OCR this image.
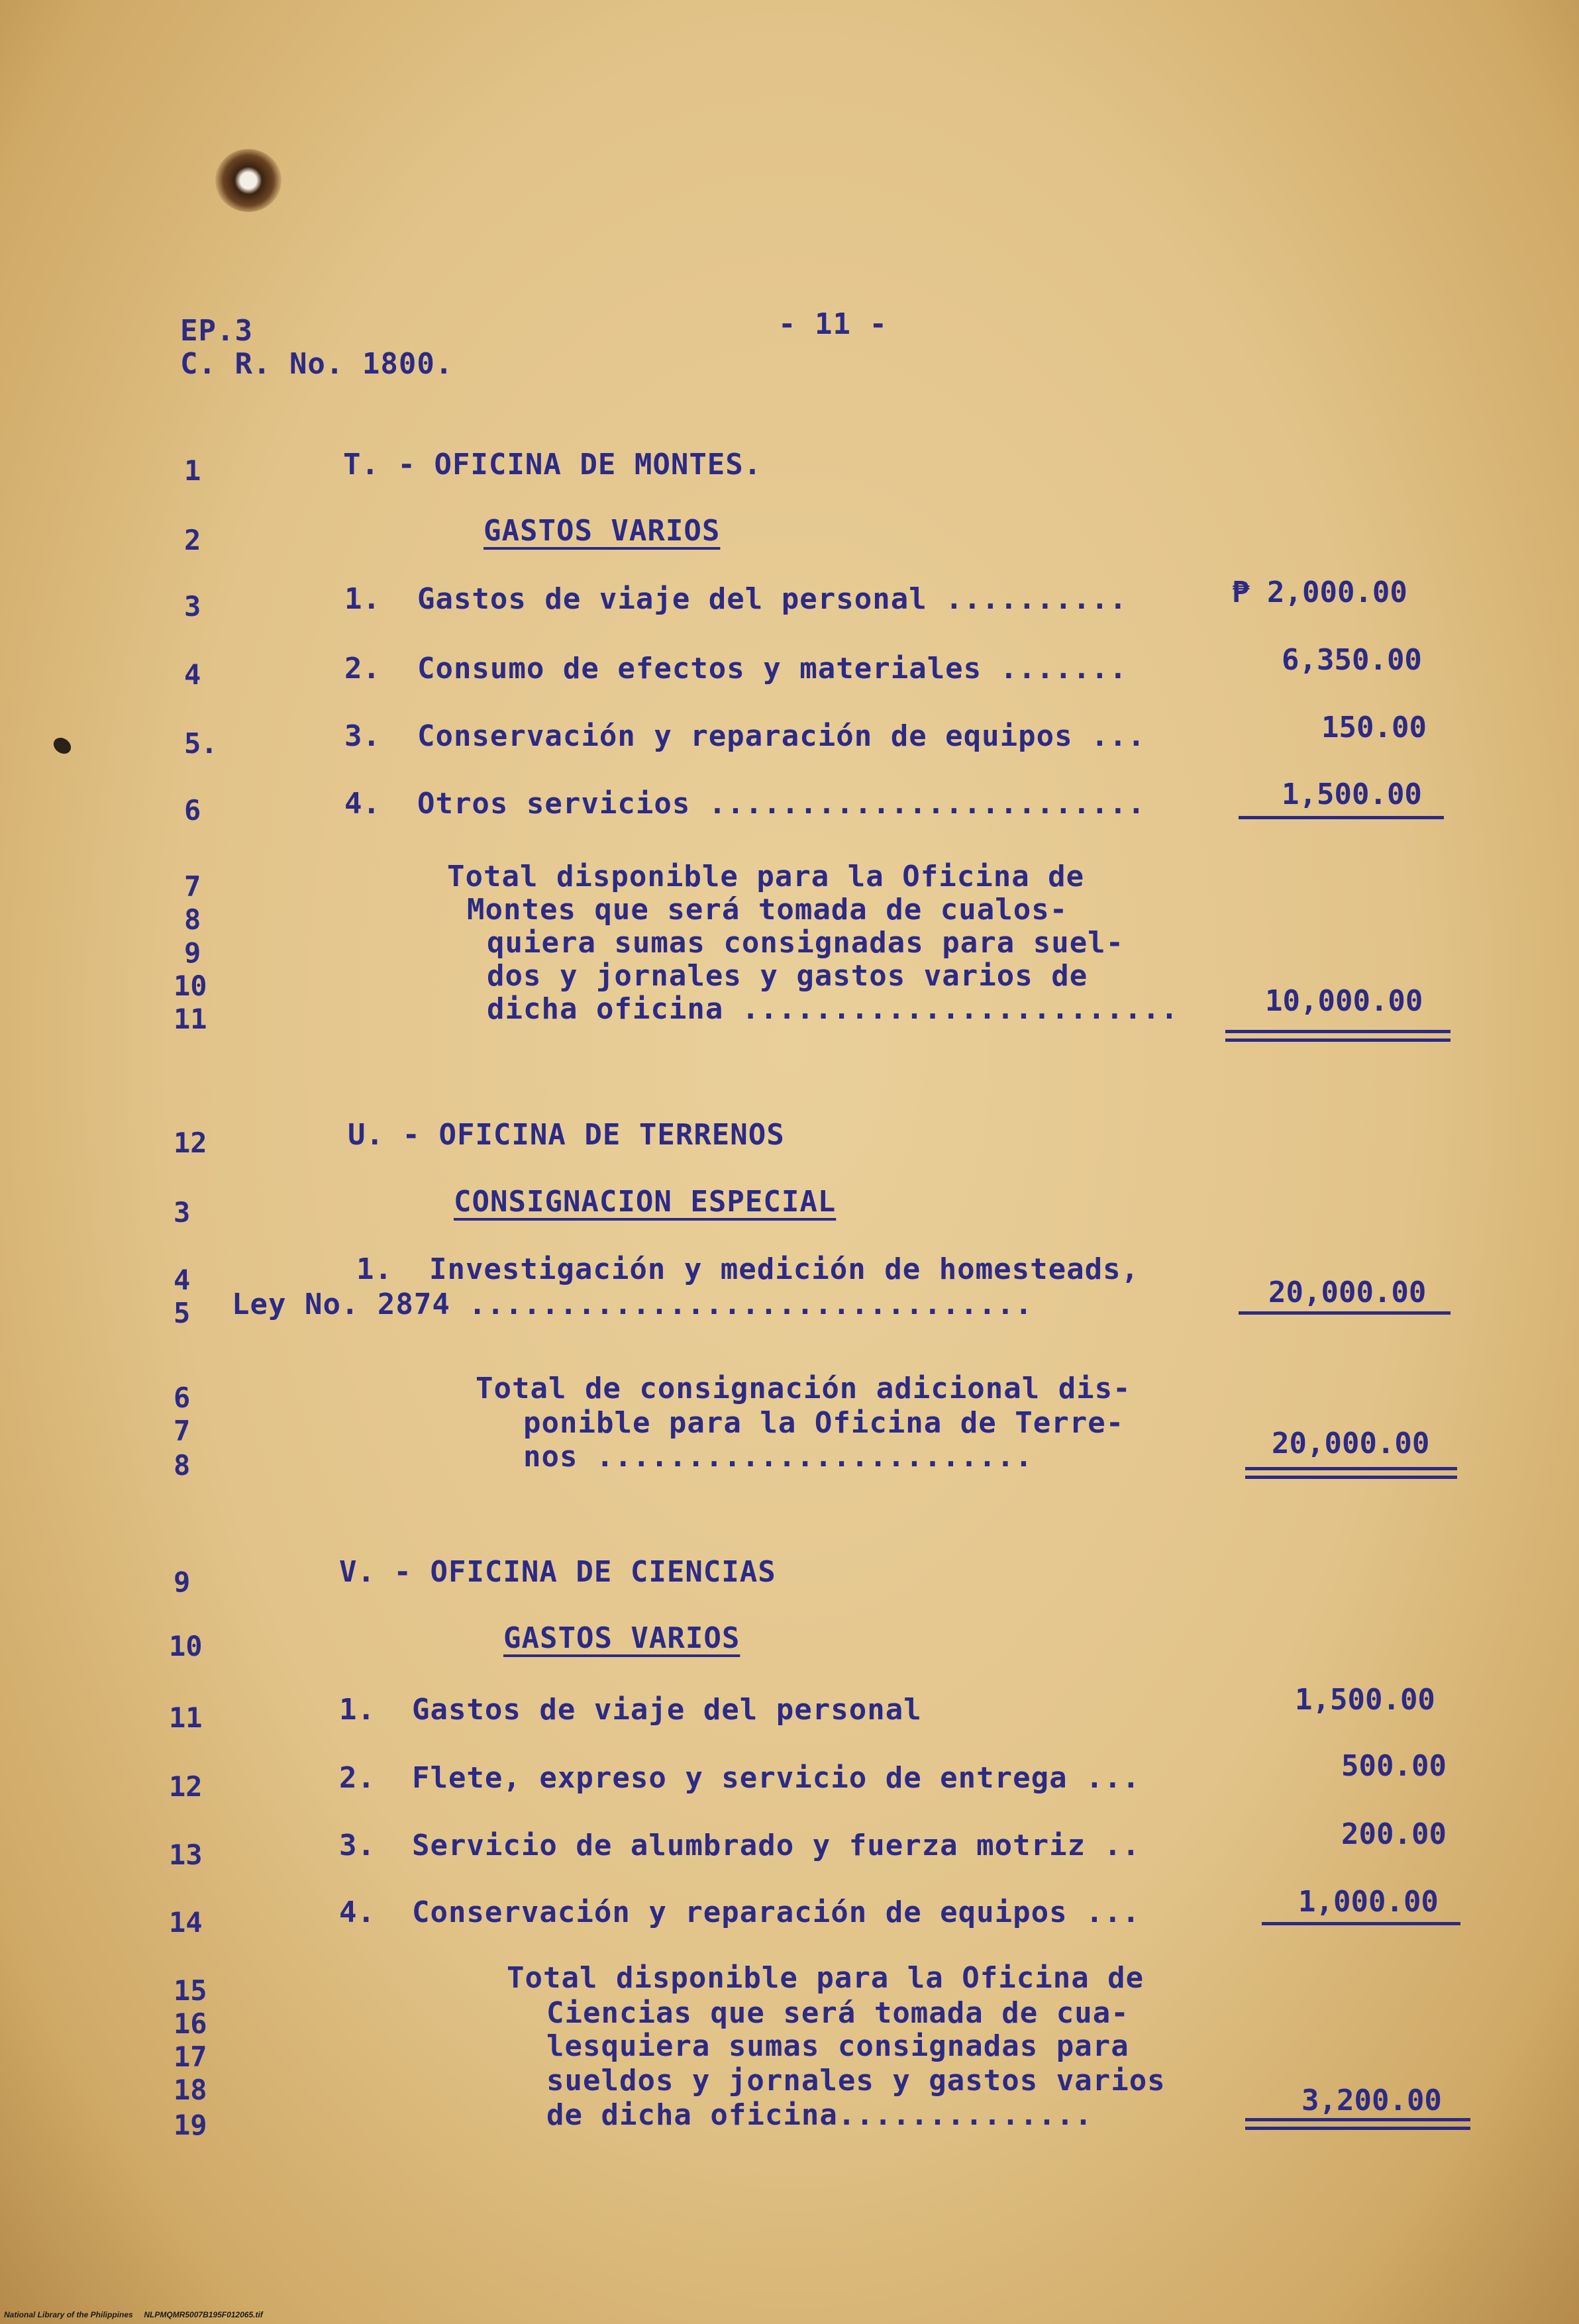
EP.3
C. R. No. 1800.
- 11 -
1	T. - OFICINA DE MONTES.
2	GASTOS VARIOS
3	1.  Gastos de viaje del personal ..........	₱ 2,000.00
4	2.  Consumo de efectos y materiales .......	6,350.00
5.	3.  Conservación y reparación de equipos ...	150.00
6	4.  Otros servicios ........................	1,500.00
7
8
9
10
11
Total disponible para la Oficina de
Montes que será tomada de cualos-
quiera sumas consignadas para suel-
dos y jornales y gastos varios de
dicha oficina ........................	10,000.00
12	U. - OFICINA DE TERRENOS
3	CONSIGNACION ESPECIAL
4
5
1.  Investigación y medición de homesteads,
Ley No. 2874 ...............................	20,000.00
6
7
8
Total de consignación adicional dis-
ponible para la Oficina de Terre-
nos ........................	20,000.00
9	V. - OFICINA DE CIENCIAS
10	GASTOS VARIOS
11	1.  Gastos de viaje del personal	1,500.00
12	2.  Flete, expreso y servicio de entrega ...	500.00
13	3.  Servicio de alumbrado y fuerza motriz ..	200.00
14	4.  Conservación y reparación de equipos ...	1,000.00
15
16
17
18
19
Total disponible para la Oficina de
Ciencias que será tomada de cua-
lesquiera sumas consignadas para
sueldos y jornales y gastos varios
de dicha oficina..............	3,200.00
National Library of the Philippines NLPMQMR5007B195F012065.tif
